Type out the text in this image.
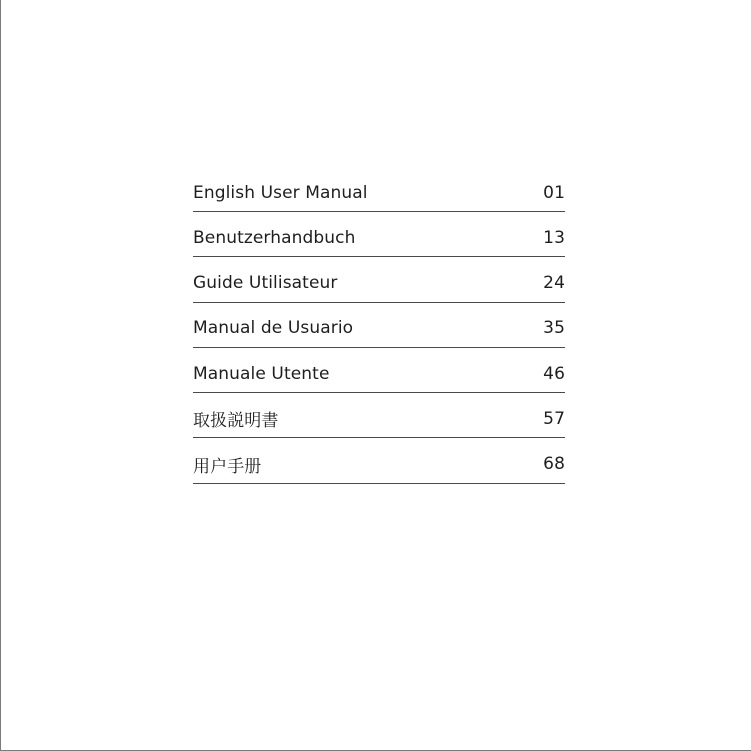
English User Manual	01
Benutzerhandbuch	13
Guide Utilisateur	24
Manual de Usuario	35
Manuale Utente	46
取扱説明書	57
用户手册	68
